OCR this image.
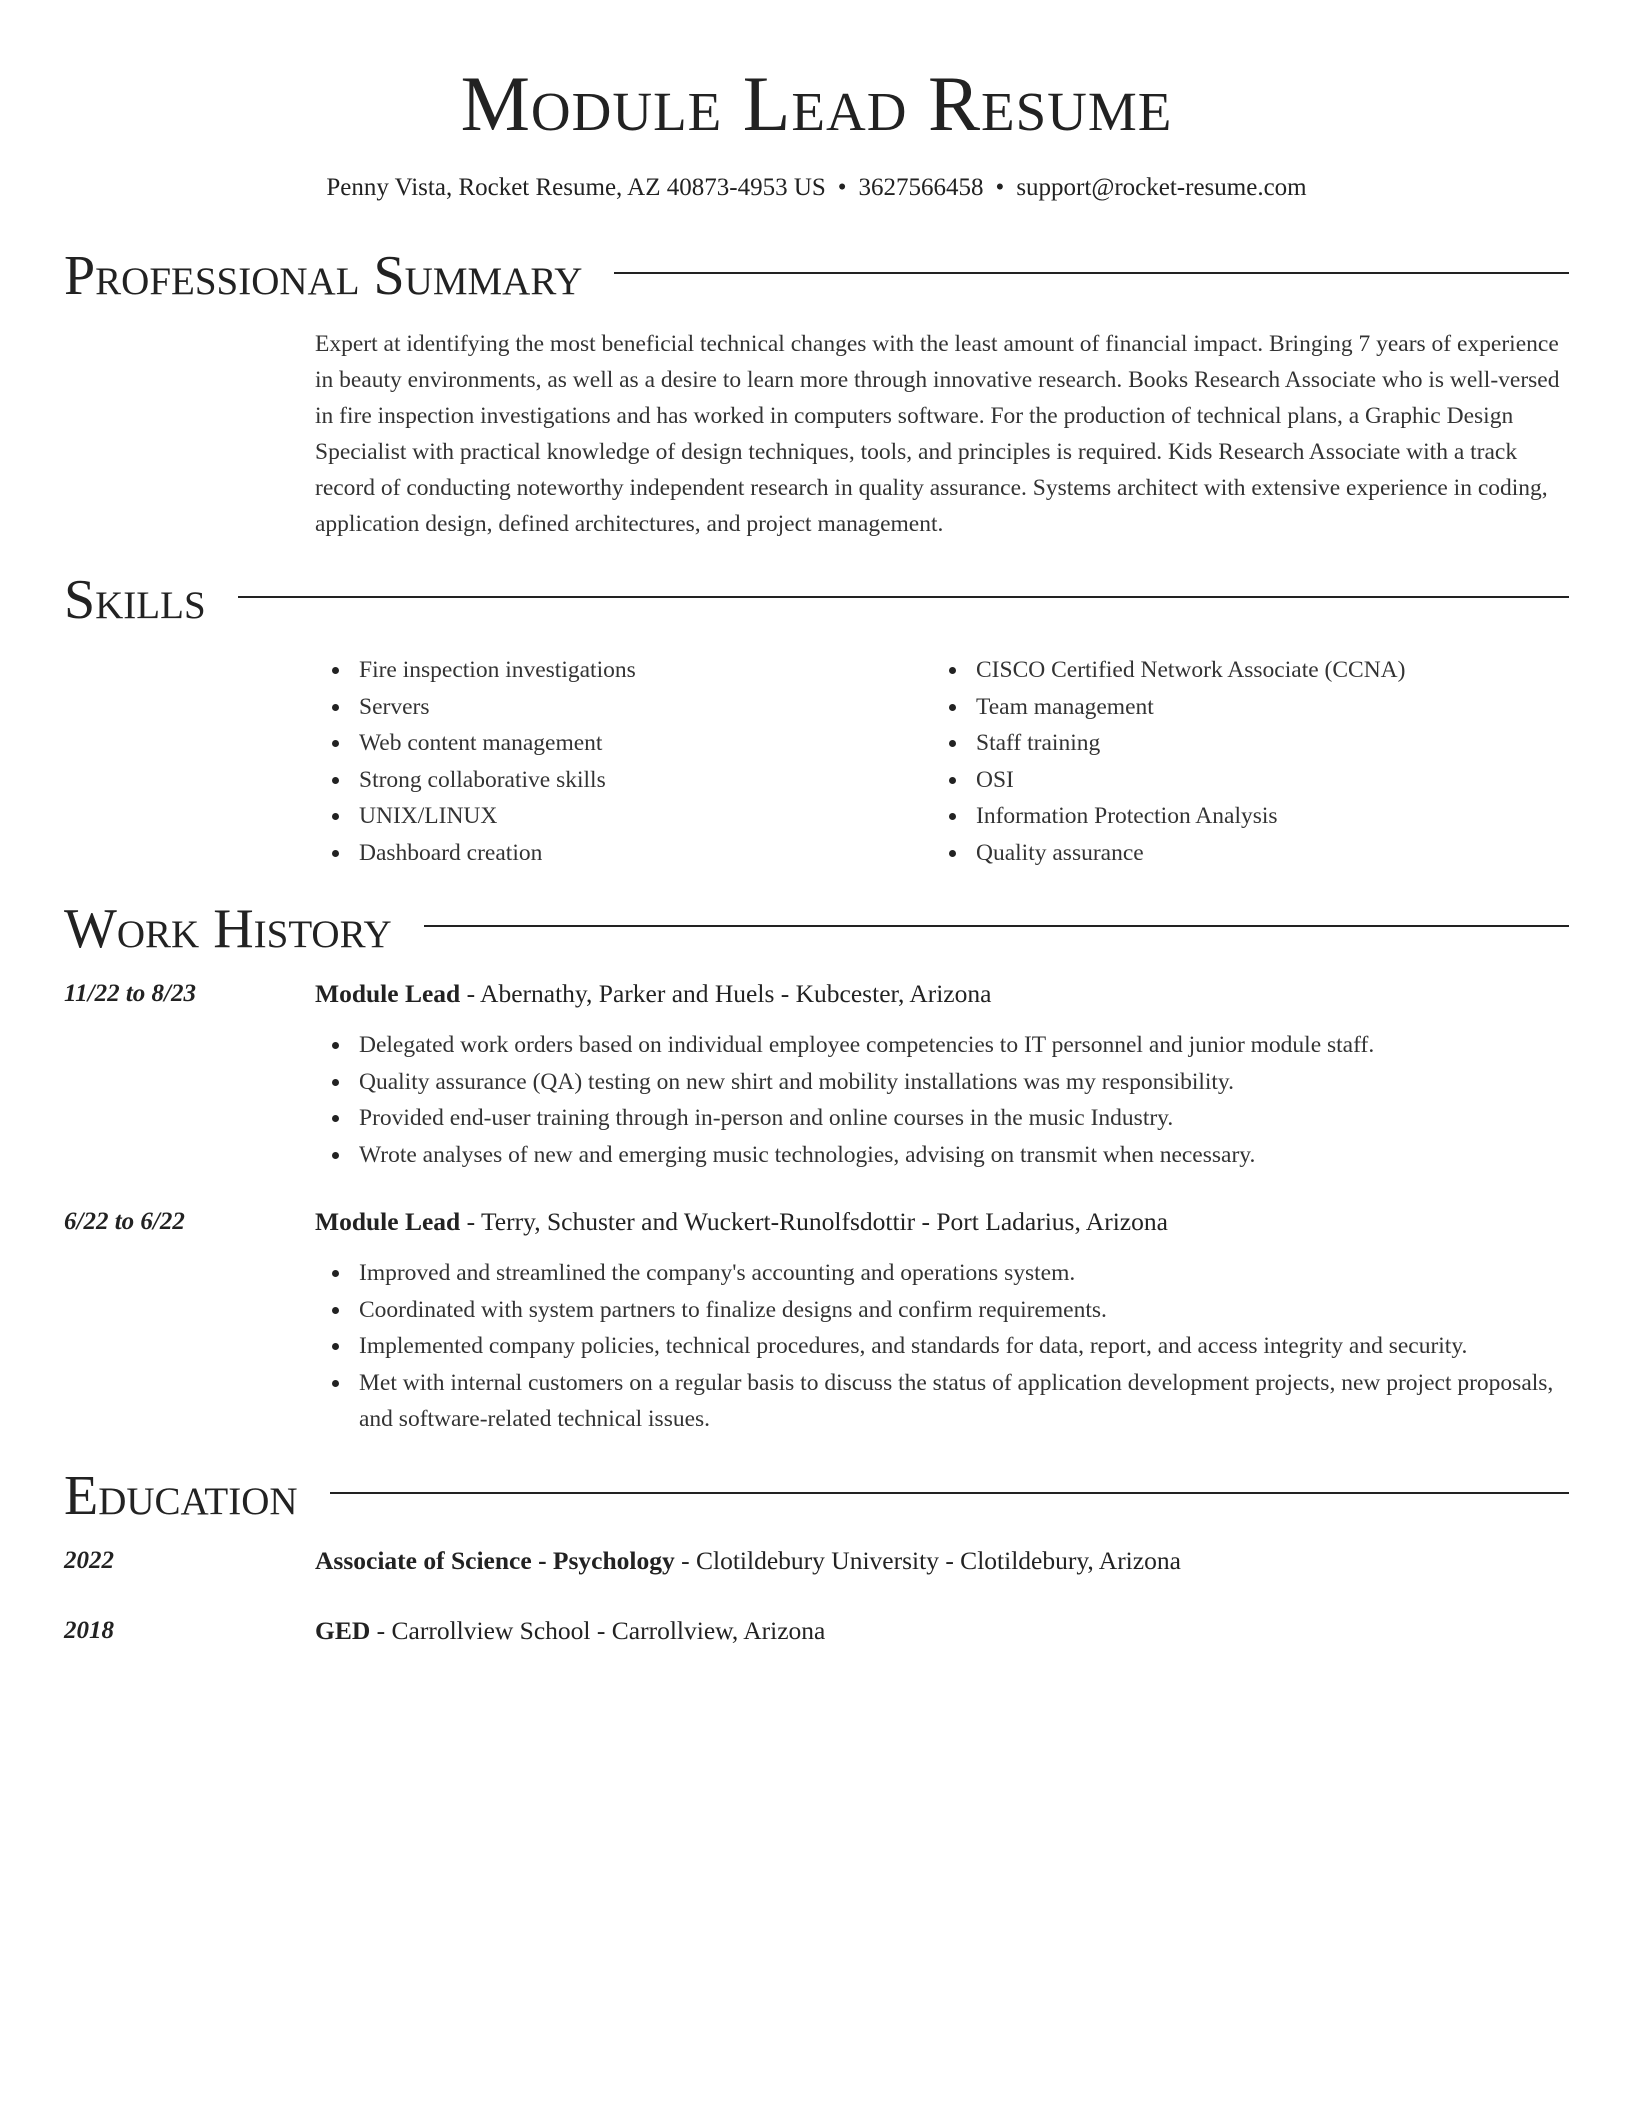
Module Lead Resume
Penny Vista, Rocket Resume, AZ 40873-4953 US • 3627566458 • support@rocket-resume.com
Professional Summary
Expert at identifying the most beneficial technical changes with the least amount of financial impact. Bringing 7 years of experience in beauty environments, as well as a desire to learn more through innovative research. Books Research Associate who is well-versed in fire inspection investigations and has worked in computers software. For the production of technical plans, a Graphic Design Specialist with practical knowledge of design techniques, tools, and principles is required. Kids Research Associate with a track record of conducting noteworthy independent research in quality assurance. Systems architect with extensive experience in coding, application design, defined architectures, and project management.
Skills
Fire inspection investigations
Servers
Web content management
Strong collaborative skills
UNIX/LINUX
Dashboard creation
CISCO Certified Network Associate (CCNA)
Team management
Staff training
OSI
Information Protection Analysis
Quality assurance
Work History
11/22 to 8/23	Module Lead - Abernathy, Parker and Huels - Kubcester, Arizona
Delegated work orders based on individual employee competencies to IT personnel and junior module staff.
Quality assurance (QA) testing on new shirt and mobility installations was my responsibility.
Provided end-user training through in-person and online courses in the music Industry.
Wrote analyses of new and emerging music technologies, advising on transmit when necessary.
6/22 to 6/22	Module Lead - Terry, Schuster and Wuckert-Runolfsdottir - Port Ladarius, Arizona
Improved and streamlined the company's accounting and operations system.
Coordinated with system partners to finalize designs and confirm requirements.
Implemented company policies, technical procedures, and standards for data, report, and access integrity and security.
Met with internal customers on a regular basis to discuss the status of application development projects, new project proposals, and software-related technical issues.
Education
2022	Associate of Science - Psychology - Clotildebury University - Clotildebury, Arizona
2018	GED - Carrollview School - Carrollview, Arizona
